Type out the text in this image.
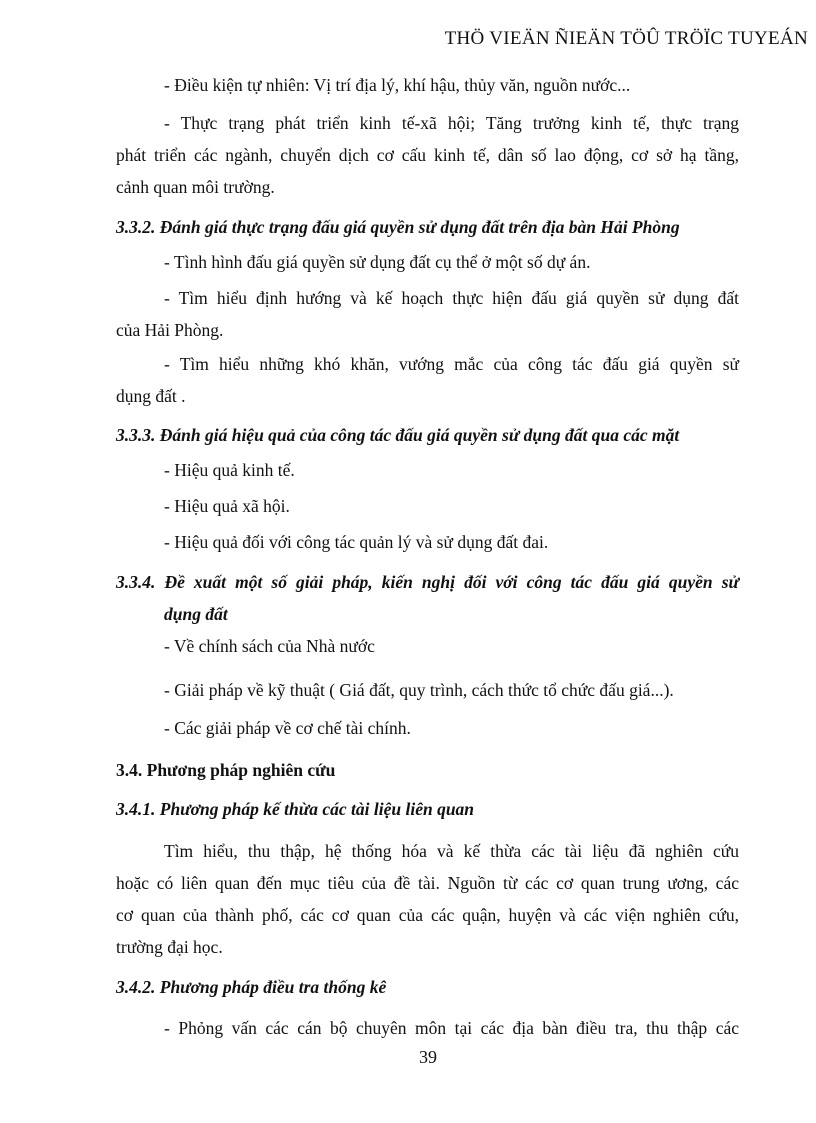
THÖ VIEÄN ÑIEÄN TÖÛ TRÖÏC TUYEÁN
- Điều kiện tự nhiên: Vị trí địa lý, khí hậu, thủy văn, nguồn nước...
- Thực trạng phát triển kinh tế-xã hội; Tăng trưởng kinh tế, thực trạng
phát triển các ngành, chuyển dịch cơ cấu kinh tế, dân số lao động, cơ sở hạ tầng,
cảnh quan môi trường.
3.3.2. Đánh giá thực trạng đấu giá quyền sử dụng đất trên địa bàn Hải Phòng
- Tình hình đấu giá quyền sử dụng đất cụ thể ở một số dự án.
- Tìm hiểu định hướng và kế hoạch thực hiện đấu giá quyền sử dụng đất
của Hải Phòng.
- Tìm hiểu những khó khăn, vướng mắc của công tác đấu giá quyền sử
dụng đất .
3.3.3. Đánh giá hiệu quả của công tác đấu giá quyền sử dụng đất qua các mặt
- Hiệu quả kinh tế.
- Hiệu quả xã hội.
- Hiệu quả đối với công tác quản lý và sử dụng đất đai.
3.3.4. Đề xuất một số giải pháp, kiến nghị đối với công tác đấu giá quyền sử
dụng đất
- Về chính sách của Nhà nước
- Giải pháp về kỹ thuật ( Giá đất, quy trình, cách thức tổ chức đấu giá...).
- Các giải pháp về cơ chế tài chính.
3.4. Phương pháp nghiên cứu
3.4.1. Phương pháp kế thừa các tài liệu liên quan
Tìm hiểu, thu thập, hệ thống hóa và kế thừa các tài liệu đã nghiên cứu
hoặc có liên quan đến mục tiêu của đề tài. Nguồn từ các cơ quan trung ương, các
cơ quan của thành phố, các cơ quan của các quận, huyện và các viện nghiên cứu,
trường đại học.
3.4.2. Phương pháp điều tra thống kê
- Phỏng vấn các cán bộ chuyên môn tại các địa bàn điều tra, thu thập các
39
